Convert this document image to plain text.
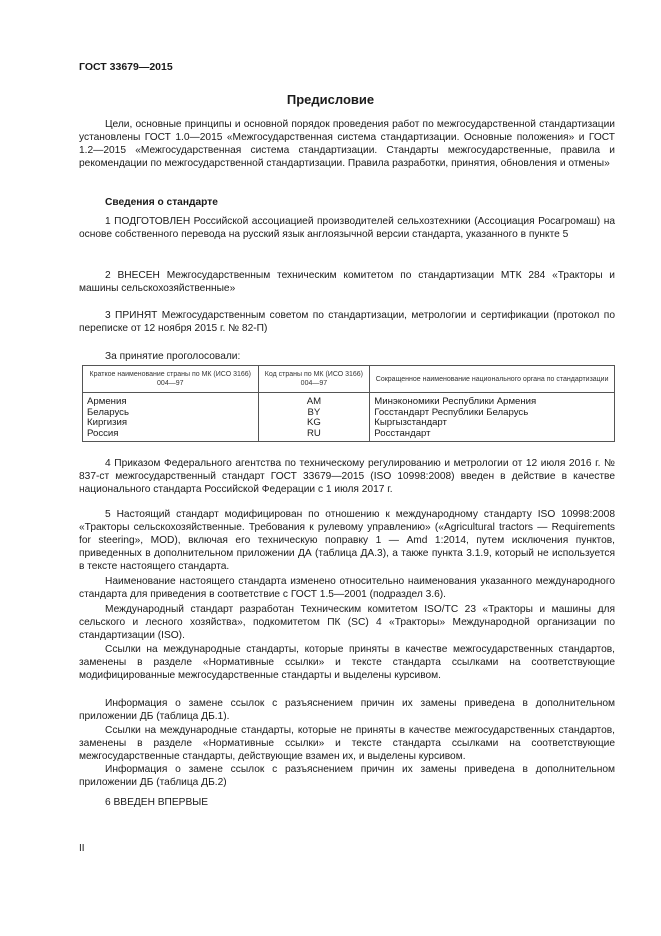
ГОСТ 33679—2015
Предисловие
Цели, основные принципы и основной порядок проведения работ по межгосударственной стандартизации установлены ГОСТ 1.0—2015 «Межгосударственная система стандартизации. Основные положения» и ГОСТ 1.2—2015 «Межгосударственная система стандартизации. Стандарты межгосударственные, правила и рекомендации по межгосударственной стандартизации. Правила разработки, принятия, обновления и отмены»
Сведения о стандарте
1 ПОДГОТОВЛЕН Российской ассоциацией производителей сельхозтехники (Ассоциация Росагромаш) на основе собственного перевода на русский язык англоязычной версии стандарта, указанного в пункте 5
2 ВНЕСЕН Межгосударственным техническим комитетом по стандартизации МТК 284 «Тракторы и машины сельскохозяйственные»
3 ПРИНЯТ Межгосударственным советом по стандартизации, метрологии и сертификации (протокол по переписке от 12 ноября 2015 г. № 82-П)
За принятие проголосовали:
Краткое наименование страны по МК (ИСО 3166) 004—97	Код страны по МК (ИСО 3166) 004—97	Сокращенное наименование национального органа по стандартизации
Армения	AM	Минэкономики Республики Армения
Беларусь	BY	Госстандарт Республики Беларусь
Киргизия	KG	Кыргызстандарт
Россия	RU	Росстандарт
4 Приказом Федерального агентства по техническому регулированию и метрологии от 12 июля 2016 г. № 837-ст межгосударственный стандарт ГОСТ 33679—2015 (ISO 10998:2008) введен в действие в качестве национального стандарта Российской Федерации с 1 июля 2017 г.
5 Настоящий стандарт модифицирован по отношению к международному стандарту ISO 10998:2008 «Тракторы сельскохозяйственные. Требования к рулевому управлению» («Agricultural tractors — Requirements for steering», MOD), включая его техническую поправку 1 — Amd 1:2014, путем исключения пунктов, приведенных в дополнительном приложении ДА (таблица ДА.3), а также пункта 3.1.9, который не используется в тексте настоящего стандарта.
Наименование настоящего стандарта изменено относительно наименования указанного международного стандарта для приведения в соответствие с ГОСТ 1.5—2001 (подраздел 3.6).
Международный стандарт разработан Техническим комитетом ISO/TC 23 «Тракторы и машины для сельского и лесного хозяйства», подкомитетом ПК (SC) 4 «Тракторы» Международной организации по стандартизации (ISO).
Ссылки на международные стандарты, которые приняты в качестве межгосударственных стандартов, заменены в разделе «Нормативные ссылки» и тексте стандарта ссылками на соответствующие модифицированные межгосударственные стандарты и выделены курсивом.
Информация о замене ссылок с разъяснением причин их замены приведена в дополнительном приложении ДБ (таблица ДБ.1).
Ссылки на международные стандарты, которые не приняты в качестве межгосударственных стандартов, заменены в разделе «Нормативные ссылки» и тексте стандарта ссылками на соответствующие межгосударственные стандарты, действующие взамен их, и выделены курсивом.
Информация о замене ссылок с разъяснением причин их замены приведена в дополнительном приложении ДБ (таблица ДБ.2)
6 ВВЕДЕН ВПЕРВЫЕ
II
